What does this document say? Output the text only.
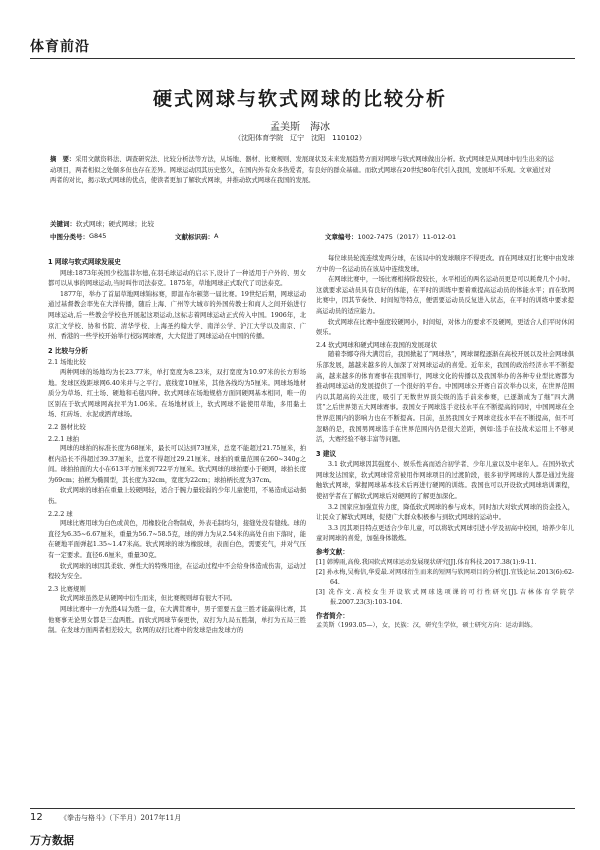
体育前沿
硬式网球与软式网球的比较分析
孟美斯　海冰
（沈阳体育学院　辽宁　沈阳　110102）
摘　要：采用文献资料法、调查研究法、比较分析法等方法，从场地、器材、比赛规则、发展现状及未来发展趋势方面对网球与软式网球做出分析。软式网球是从网球中衍生出来的运动项目，两者相似之处颇多但也存在差异。网球运动因其历史悠久，在国内外有众多热爱者，有良好的群众基础。而软式网球在20世纪80年代引入我国，发展却不乐观。文章通过对两者的对比，揭示软式网球的优点，使读者更加了解软式网球，并推动软式网球在我国的发展。
关键词：软式网球；硬式网球；比较
中图分类号： G845	文献标识码： A	文章编号： 1002-7475（2017）11-012-01
1 网球与软式网球发展史

网球:1873年英国少校温菲尔德,在羽毛球运动的启示下,设计了一种适用于户外的、男女都可以从事的网球运动,当时叫作司法泰克。1875年，草地网球正式取代了司法泰克。

1877年，举办了首届草地网球锦标赛，即温布尔顿第一届比赛。19世纪后期，网球运动通过基督教会率先在大洋传播，随后上海、广州等大城市的外国传教士和商人之间开始进行网球运动,后一些教会学校也开展起这项运动,这标志着网球运动正式传入中国。1906年，北京汇文学校、协和书院、清华学校、上海圣约翰大学、南洋公学、沪江大学以及南京、广州、香港的一些学校开始举行校际网球赛，大大促进了网球运动在中国的传播。

2 比较与分析
2.1 场地比较

两种网球的场地均为长23.77米，单打宽度为8.23米，双打宽度为10.97米的长方形场地。发球区线距球网6.40米并与之平行。底线宽10厘米，其他各线均为5厘米。网球场地材质分为草场、红土场、硬地和毛毯四种。软式网球在场地规格方面同硬网基本相同，唯一的区别在于软式网球网高拉平为1.06米。在场地材质上，软式网球不能使用草地，多用黏土场、红砖场、水泥或洒青球场。

2.2 器材比较
2.2.1 球拍

网球的球拍的标准长度为68厘米，最长可以达到73厘米，总宽不能超过21.75厘米，拍框内沿长不得超过39.37厘米，总宽不得超过29.21厘米。球拍的重量范围在260~340g之间。球拍拍面的大小在613平方厘米到722平方厘米。软式网球的球拍要小于硬网，球拍长度为69cm；拍框为椭圆型，其长度为32cm，宽度为22cm；球拍柄长度为37cm。

软式网球的球拍在重量上较硬网轻，适合于腕力量较弱的少年儿童使用，不易造成运动损伤。

2.2.2 球

网球比赛用球为白色或黄色，用橡胶化合物制成，外表毛制均匀，接缝处没有缝线。球的直径为6.35~6.67厘米，重量为56.7~58.5克，球的弹力为从2.54米的高处自由下落时，能在硬地平面弹起1.35~1.47米高。软式网球的球为橡胶球，表面白色，需要充气，并对气压有一定要求。直径6.6厘米，重量30克。

软式网球的球因其柔软、弹性大的特殊用途，在运动过程中不会给身体造成伤害，运动过程较为安全。

2.3 比赛规则

软式网球虽然是从硬网中衍生而来，但比赛规则却有很大不同。

网球比赛中一方先胜4局为胜一盘，在大满贯赛中，男子需要五盘三胜才能赢得比赛，其他赛事无论男女都是三盘两胜。而软式网球节奏更快，双打为九局五胜制，单打为五局三胜制。在发球方面两者相差较大，软网的双打比赛中的发球是由发球方的

每位球员轮流连续发两分球，在该局中的发球顺序不得更改。而在网球双打比赛中由发球方中的一名运动员在该局中连续发球。

在网球比赛中，一场比赛相持阶段较长，水平相近的两名运动员更是可以耗费几个小时。这就要求运动员具有良好的体能，在平时的训练中要着重提高运动员的体能水平；而在软网比赛中，因其节奏快、时间短等特点，便需要运动员反复进入状态，在平时的训练中要求提高运动员的适应能力。

软式网球在比赛中强度较硬网小，时间短，对体力的要求不及硬网，更适合人们平时休闲娱乐。

2.4 软式网球和硬式网球在我国的发展现状

随着李娜夺得大满贯后，我国掀起了“网球热”，网球课程逐渐在高校开展以及社会网球俱乐部发展，越越来越多的人加深了对网球运动的喜爱。近年来，我国的政治经济水平不断提高，越来越多的体育赛事在我国举行，网球文化的传播以及我国举办的各种专业型比赛都为推动网球运动的发展提供了一个很好的平台。中国网球公开赛自首次举办以来，在世界范围内以其超高的关注度，吸引了无数世界顶尖级的选手前来参赛，已逐渐成为了继“四大满贯”之后世界第五大网球赛事。我国女子网球选手竞技水平在不断提高的同时，中国网球在全世界范围内的影响力也在不断提高。目前，虽然我国女子网球竞技水平在不断提高，但不可忽略的是，我国男网球选手在世界范围内仍是很大差距，例如:选手在技战术运用上不够灵活，大赛经验不够丰富等问题。

3 建议

3.1 软式网球因其强度小、娱乐性高而适合初学者、少年儿童以及中老年人。在国外软式网球发达国家，软式网球常常被用作网球项目的过渡阶段，很多初学网球的人都是通过先接触软式网球，掌握网球基本技术后再进行硬网的训练。我国也可以开设软式网球培训课程，使初学者在了解软式网球后对硬网的了解更加深化。

3.2 国家应加强宣传力度，降低软式网球的参与成本，同时加大对软式网球的资金投入，让民众了解软式网球，促使广大群众积极参与到软式网球的运动中。

3.3 因其项目特点更适合少年儿童，可以将软式网球引进小学及初高中校园，培养少年儿童对网球的喜爱，加强身体锻炼。

参考文献：
[1] 韩博雨,高俊.我国软式网球运动发展现状研究[J].体育科技.2017.38(1):9-11.
[2] 孙永梅,吴梅信,华爱最.对网球衍生而来的短网与软网项目的分析[J].宜钱论坛.2013(6):62-64.
[3] 冼作文.高校女生开设软式网球选项课的可行性研究[J].吉林体育学院学报.2007.23(3):103-104.
作者简介：
孟美斯（1993.05—），女，民族：汉，研究生学位，硕士研究方向：运动训练。
12 《拳击与格斗》（下半月）2017年11月
万方数据
